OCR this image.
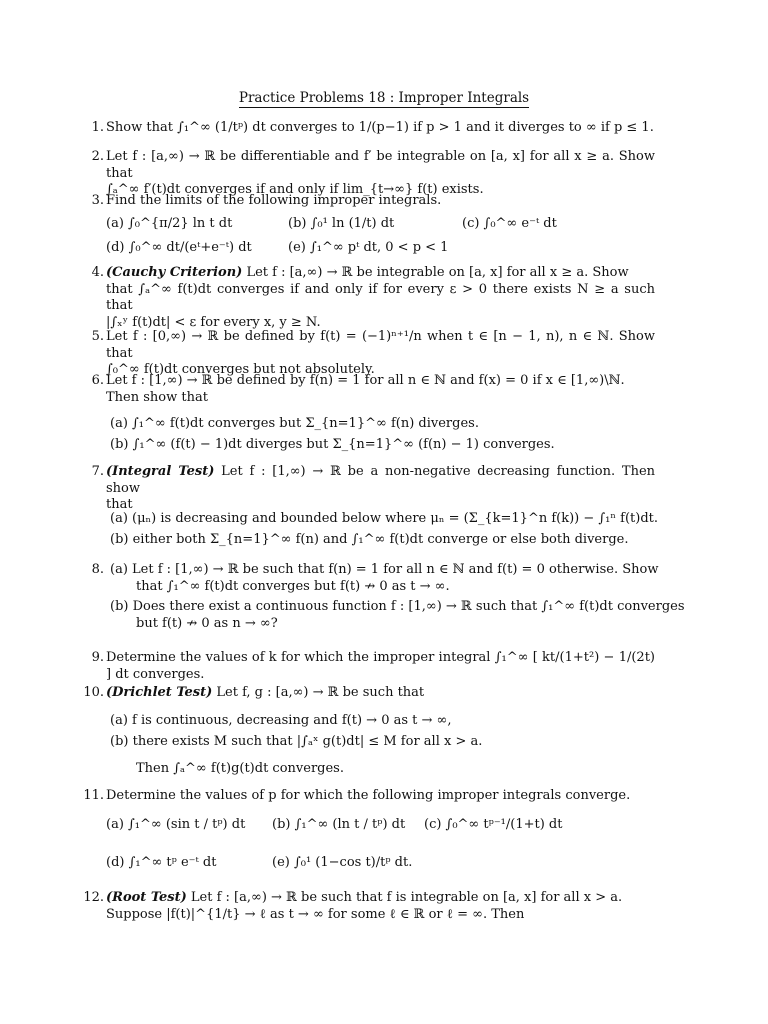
Practice Problems 18 : Improper Integrals
1. Show that ∫₁^∞ (1/tᵖ) dt converges to 1/(p−1) if p > 1 and it diverges to ∞ if p ≤ 1.
2. Let f : [a,∞) → ℝ be differentiable and f′ be integrable on [a, x] for all x ≥ a. Show that
∫ₐ^∞ f′(t)dt converges if and only if lim_{t→∞} f(t) exists.
3. Find the limits of the following improper integrals.
(a) ∫₀^{π/2} ln t dt	(b) ∫₀¹ ln (1/t) dt	(c) ∫₀^∞ e⁻ᵗ dt
(d) ∫₀^∞ dt/(eᵗ+e⁻ᵗ) dt	(e) ∫₁^∞ pᵗ dt, 0 < p < 1
4. (Cauchy Criterion) Let f : [a,∞) → ℝ be integrable on [a, x] for all x ≥ a. Show
that ∫ₐ^∞ f(t)dt converges if and only if for every ε > 0 there exists N ≥ a such that
|∫ₓʸ f(t)dt| < ε for every x, y ≥ N.
5. Let f : [0,∞) → ℝ be defined by f(t) = (−1)ⁿ⁺¹/n when t ∈ [n − 1, n), n ∈ ℕ. Show that
∫₀^∞ f(t)dt converges but not absolutely.
6. Let f : [1,∞) → ℝ be defined by f(n) = 1 for all n ∈ ℕ and f(x) = 0 if x ∈ [1,∞)\ℕ.
Then show that
(a) ∫₁^∞ f(t)dt converges but Σ_{n=1}^∞ f(n) diverges.
(b) ∫₁^∞ (f(t) − 1)dt diverges but Σ_{n=1}^∞ (f(n) − 1) converges.
7. (Integral Test) Let f : [1,∞) → ℝ be a non-negative decreasing function. Then show
that
(a) (μₙ) is decreasing and bounded below where μₙ = (Σ_{k=1}^n f(k)) − ∫₁ⁿ f(t)dt.
(b) either both Σ_{n=1}^∞ f(n) and ∫₁^∞ f(t)dt converge or else both diverge.
8. (a) Let f : [1,∞) → ℝ be such that f(n) = 1 for all n ∈ ℕ and f(t) = 0 otherwise. Show
that ∫₁^∞ f(t)dt converges but f(t) ↛ 0 as t → ∞.
(b) Does there exist a continuous function f : [1,∞) → ℝ such that ∫₁^∞ f(t)dt converges
but f(t) ↛ 0 as n → ∞?
9. Determine the values of k for which the improper integral ∫₁^∞ [ kt/(1+t²) − 1/(2t) ] dt converges.
10. (Drichlet Test) Let f, g : [a,∞) → ℝ be such that
(a) f is continuous, decreasing and f(t) → 0 as t → ∞,
(b) there exists M such that |∫ₐˣ g(t)dt| ≤ M for all x > a.
Then ∫ₐ^∞ f(t)g(t)dt converges.
11. Determine the values of p for which the following improper integrals converge.
(a) ∫₁^∞ (sin t / tᵖ) dt (b) ∫₁^∞ (ln t / tᵖ) dt (c) ∫₀^∞ tᵖ⁻¹/(1+t) dt
(d) ∫₁^∞ tᵖ e⁻ᵗ dt	(e) ∫₀¹ (1−cos t)/tᵖ dt.
12. (Root Test) Let f : [a,∞) → ℝ be such that f is integrable on [a, x] for all x > a.
Suppose |f(t)|^{1/t} → ℓ as t → ∞ for some ℓ ∈ ℝ or ℓ = ∞. Then
